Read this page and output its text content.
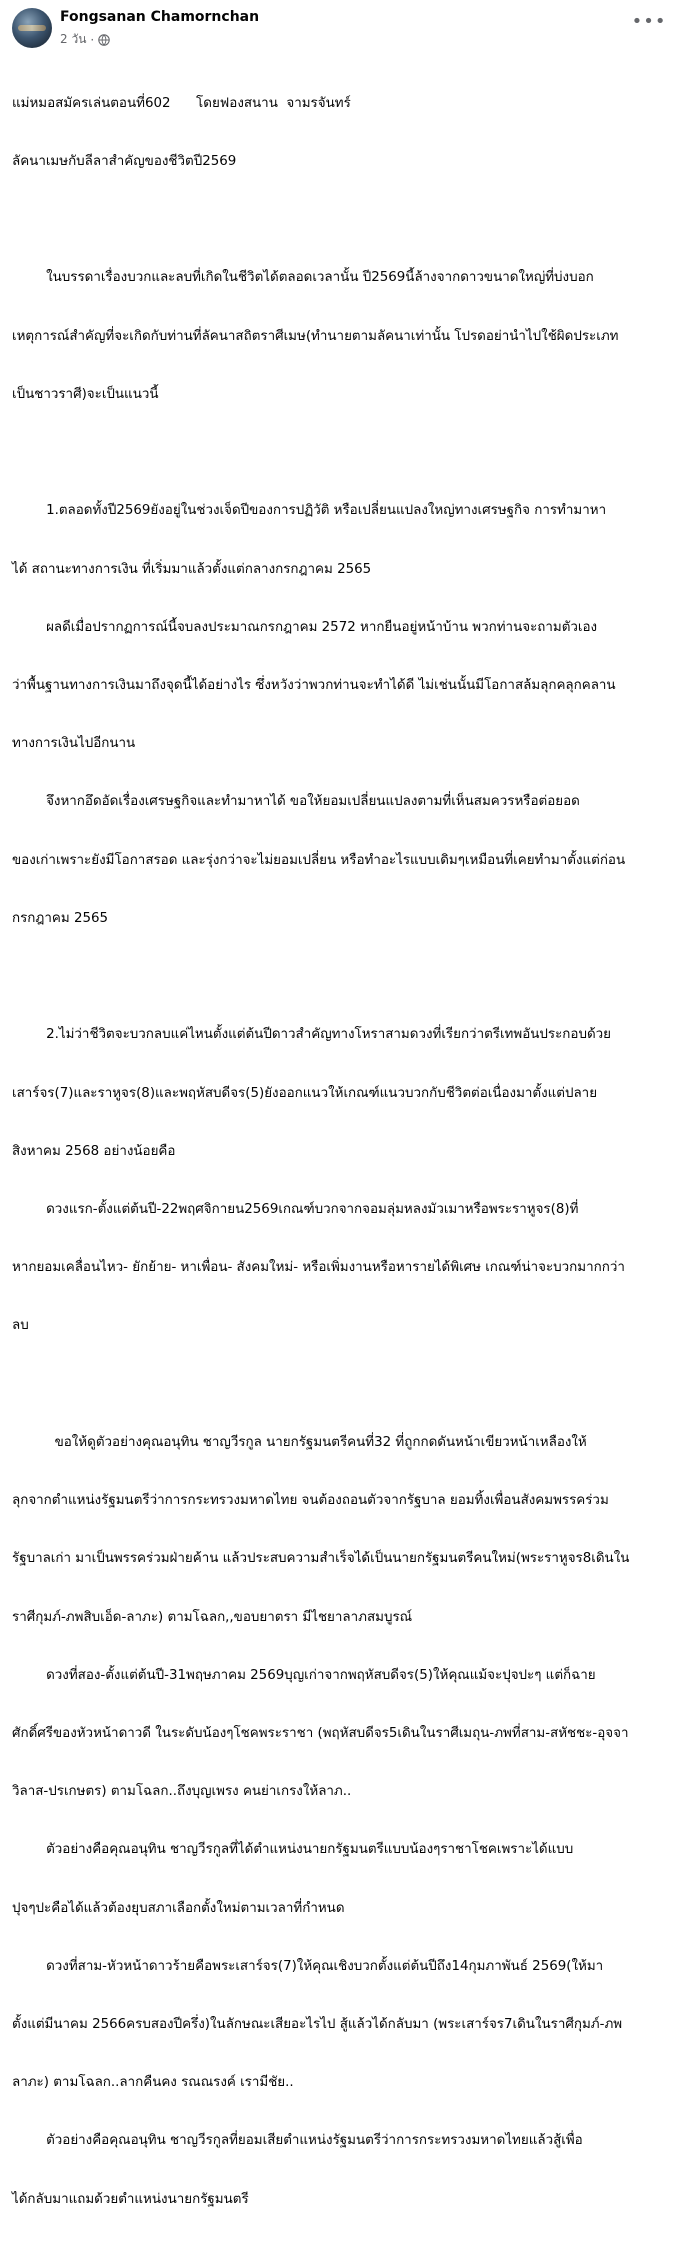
Fongsanan Chamornchan
2 วัน ·
•••

แม่หมอสมัครเล่นตอนที่602      โดยฟองสนาน  จามรจันทร์

ลัคนาเมษกับลีลาสำคัญของชีวิตปี2569

ในบรรดาเรื่องบวกและลบที่เกิดในชีวิตได้ตลอดเวลานั้น ปี2569นี้ล้างจากดาวขนาดใหญ่ที่บ่งบอก

เหตุการณ์สำคัญที่จะเกิดกับท่านที่ลัคนาสถิตราศีเมษ(ทำนายตามลัคนาเท่านั้น โปรดอย่านำไปใช้ผิดประเภท

เป็นชาวราศี)จะเป็นแนวนี้

1.ตลอดทั้งปี2569ยังอยู่ในช่วงเจ็ดปีของการปฏิวัติ หรือเปลี่ยนแปลงใหญ่ทางเศรษฐกิจ การทำมาหา

ได้ สถานะทางการเงิน ที่เริ่มมาแล้วตั้งแต่กลางกรกฎาคม 2565

ผลดีเมื่อปรากฏการณ์นี้จบลงประมาณกรกฎาคม 2572 หากยืนอยู่หน้าบ้าน พวกท่านจะถามตัวเอง

ว่าพื้นฐานทางการเงินมาถึงจุดนี้ได้อย่างไร ซึ่งหวังว่าพวกท่านจะทำได้ดี ไม่เช่นนั้นมีโอกาสล้มลุกคลุกคลาน

ทางการเงินไปอีกนาน

จึงหากอึดอัดเรื่องเศรษฐกิจและทำมาหาได้ ขอให้ยอมเปลี่ยนแปลงตามที่เห็นสมควรหรือต่อยอด

ของเก่าเพราะยังมีโอกาสรอด และรุ่งกว่าจะไม่ยอมเปลี่ยน หรือทำอะไรแบบเดิมๆเหมือนที่เคยทำมาตั้งแต่ก่อน

กรกฎาคม 2565

2.ไม่ว่าชีวิตจะบวกลบแค่ไหนตั้งแต่ต้นปีดาวสำคัญทางโหราสามดวงที่เรียกว่าตรีเทพอันประกอบด้วย

เสาร์จร(7)และราหูจร(8)และพฤหัสบดีจร(5)ยังออกแนวให้เกณฑ์แนวบวกกับชีวิตต่อเนื่องมาตั้งแต่ปลาย

สิงหาคม 2568 อย่างน้อยคือ

ดวงแรก-ตั้งแต่ต้นปี-22พฤศจิกายน2569เกณฑ์บวกจากจอมลุ่มหลงมัวเมาหรือพระราหูจร(8)ที่

หากยอมเคลื่อนไหว- ยักย้าย- หาเพื่อน- สังคมใหม่- หรือเพิ่มงานหรือหารายได้พิเศษ เกณฑ์น่าจะบวกมากกว่า

ลบ

ขอให้ดูตัวอย่างคุณอนุทิน ชาญวีรกูล นายกรัฐมนตรีคนที่32 ที่ถูกกดดันหน้าเขียวหน้าเหลืองให้

ลุกจากตำแหน่งรัฐมนตรีว่าการกระทรวงมหาดไทย จนต้องถอนตัวจากรัฐบาล ยอมทิ้งเพื่อนสังคมพรรคร่วม

รัฐบาลเก่า มาเป็นพรรคร่วมฝ่ายค้าน แล้วประสบความสำเร็จได้เป็นนายกรัฐมนตรีคนใหม่(พระราหูจร8เดินใน

ราศีกุมภ์-ภพสิบเอ็ด-ลาภะ) ตามโฉลก,,ขอบยาตรา มีไชยาลาภสมบูรณ์

ดวงที่สอง-ตั้งแต่ต้นปี-31พฤษภาคม 2569บุญเก่าจากพฤหัสบดีจร(5)ให้คุณแม้จะปุจปะๆ แต่ก็ฉาย

ศักดิ์ศรีของหัวหน้าดาวดี ในระดับน้องๆโชคพระราชา (พฤหัสบดีจร5เดินในราศีเมถุน-ภพที่สาม-สหัชชะ-อุจจา

วิลาส-ปรเกษตร) ตามโฉลก..ถึงบุญเพรง คนย่าเกรงให้ลาภ..

ตัวอย่างคือคุณอนุทิน ชาญวีรกูลที่ได้ตำแหน่งนายกรัฐมนตรีแบบน้องๆราชาโชคเพราะได้แบบ

ปุจๆปะคือได้แล้วต้องยุบสภาเลือกตั้งใหม่ตามเวลาที่กำหนด

ดวงที่สาม-หัวหน้าดาวร้ายคือพระเสาร์จร(7)ให้คุณเชิงบวกตั้งแต่ต้นปีถึง14กุมภาพันธ์ 2569(ให้มา

ตั้งแต่มีนาคม 2566ครบสองปีครึ่ง)ในลักษณะเสียอะไรไป สู้แล้วได้กลับมา (พระเสาร์จร7เดินในราศีกุมภ์-ภพ

ลาภะ) ตามโฉลก..ลากคืนคง รณณรงค์ เรามีชัย..

ตัวอย่างคือคุณอนุทิน ชาญวีรกูลที่ยอมเสียตำแหน่งรัฐมนตรีว่าการกระทรวงมหาดไทยแล้วสู้เพื่อ

ได้กลับมาแถมด้วยตำแหน่งนายกรัฐมนตรี
